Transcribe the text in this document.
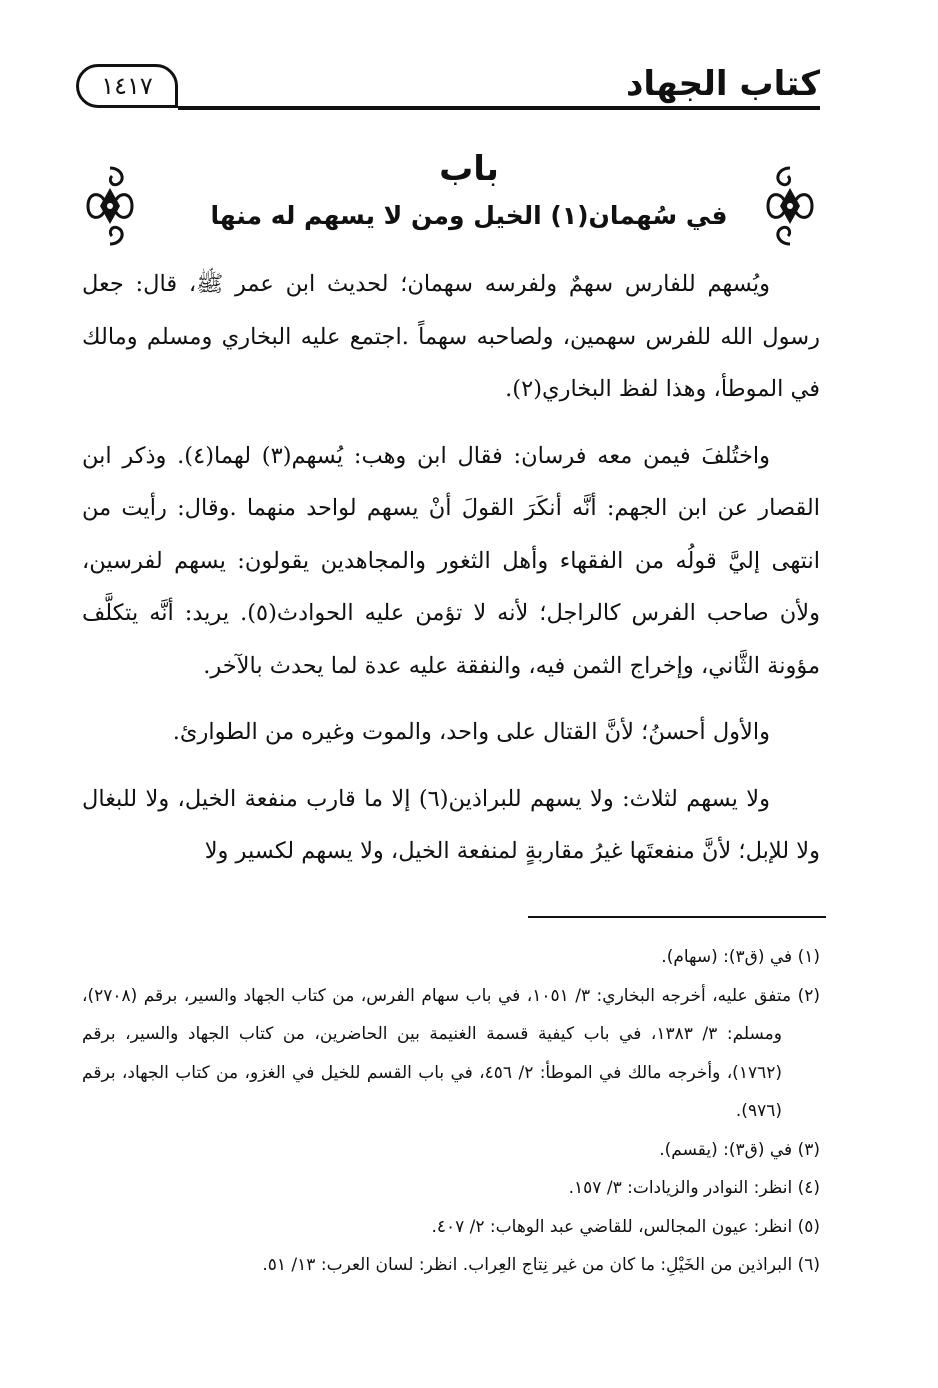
كتاب الجهاد
١٤١٧
باب
في سُهمان(١) الخيل ومن لا يسهم له منها

ويُسهم للفارس سهمٌ ولفرسه سهمان؛ لحديث ابن عمر ﷺ، قال: جعل رسول الله للفرس سهمين، ولصاحبه سهماً .اجتمع عليه البخاري ومسلم ومالك في الموطأ، وهذا لفظ البخاري(٢).

واختُلفَ فيمن معه فرسان: فقال ابن وهب: يُسهم(٣) لهما(٤). وذكر ابن القصار عن ابن الجهم: أنَّه أنكَرَ القولَ أنْ يسهم لواحد منهما .وقال: رأيت من انتهى إليَّ قولُه من الفقهاء وأهل الثغور والمجاهدين يقولون: يسهم لفرسين، ولأن صاحب الفرس كالراجل؛ لأنه لا تؤمن عليه الحوادث(٥). يريد: أنَّه يتكلَّف مؤونة الثَّاني، وإخراج الثمن فيه، والنفقة عليه عدة لما يحدث بالآخر.

والأول أحسنُ؛ لأنَّ القتال على واحد، والموت وغيره من الطوارئ.

ولا يسهم لثلاث: ولا يسهم للبراذين(٦) إلا ما قارب منفعة الخيل، ولا للبغال ولا للإبل؛ لأنَّ منفعتَها غيرُ مقاربةٍ لمنفعة الخيل، ولا يسهم لكسير ولا

(١) في (ق٣): (سهام).

(٢) متفق عليه، أخرجه البخاري: ٣/ ١٠٥١، في باب سهام الفرس، من كتاب الجهاد والسير، برقم (٢٧٠٨)، ومسلم: ٣/ ١٣٨٣، في باب كيفية قسمة الغنيمة بين الحاضرين، من كتاب الجهاد والسير، برقم (١٧٦٢)، وأخرجه مالك في الموطأ: ٢/ ٤٥٦، في باب القسم للخيل في الغزو، من كتاب الجهاد، برقم (٩٧٦).

(٣) في (ق٣): (يقسم).

(٤) انظر: النوادر والزيادات: ٣/ ١٥٧.

(٥) انظر: عيون المجالس، للقاضي عبد الوهاب: ٢/ ٤٠٧.

(٦) البراذين من الخَيْلِ: ما كان من غير نِتاج العِراب. انظر: لسان العرب: ١٣/ ٥١.
